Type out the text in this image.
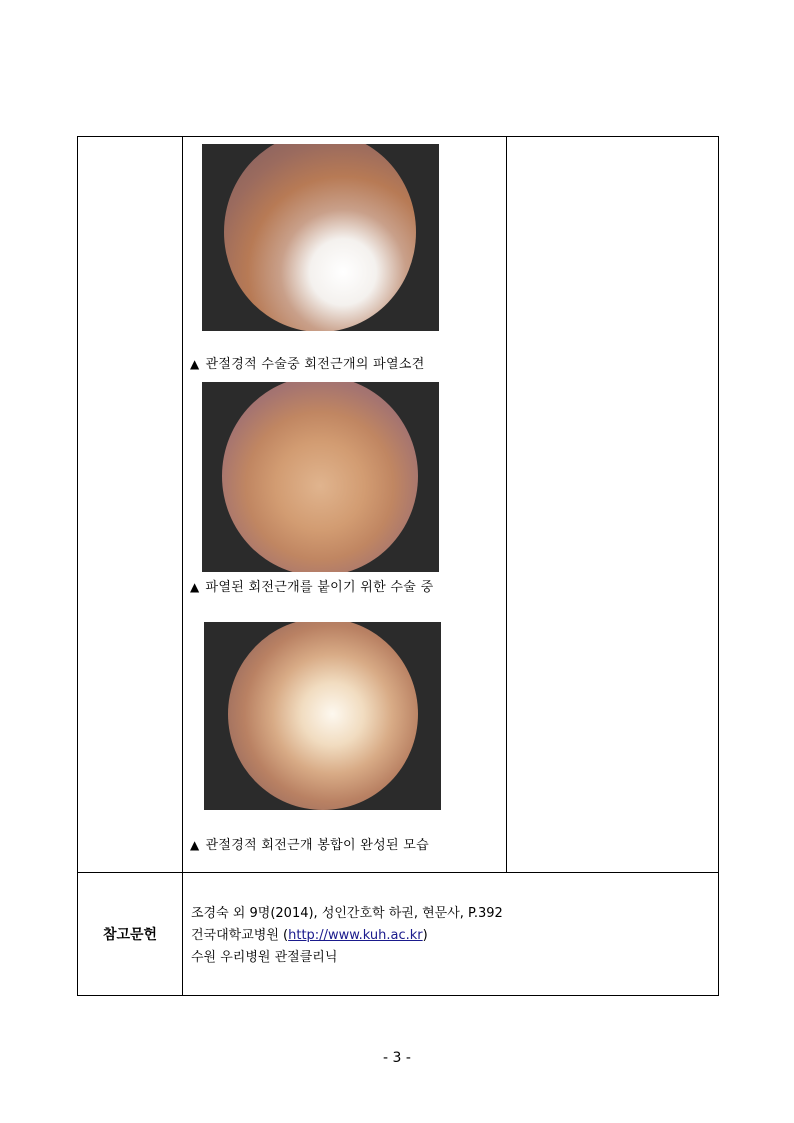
	▲ 관절경적 수술중 회전근개의 파열소견
▲ 파열된 회전근개를 붙이기 위한 수술 중
▲ 관절경적 회전근개 봉합이 완성된 모습	

참고문헌	조경숙 외 9명(2014), 성인간호학 하권, 현문사, P.392
건국대학교병원 (http://www.kuh.ac.kr)
수원 우리병원 관절클리닉	
- 3 -
